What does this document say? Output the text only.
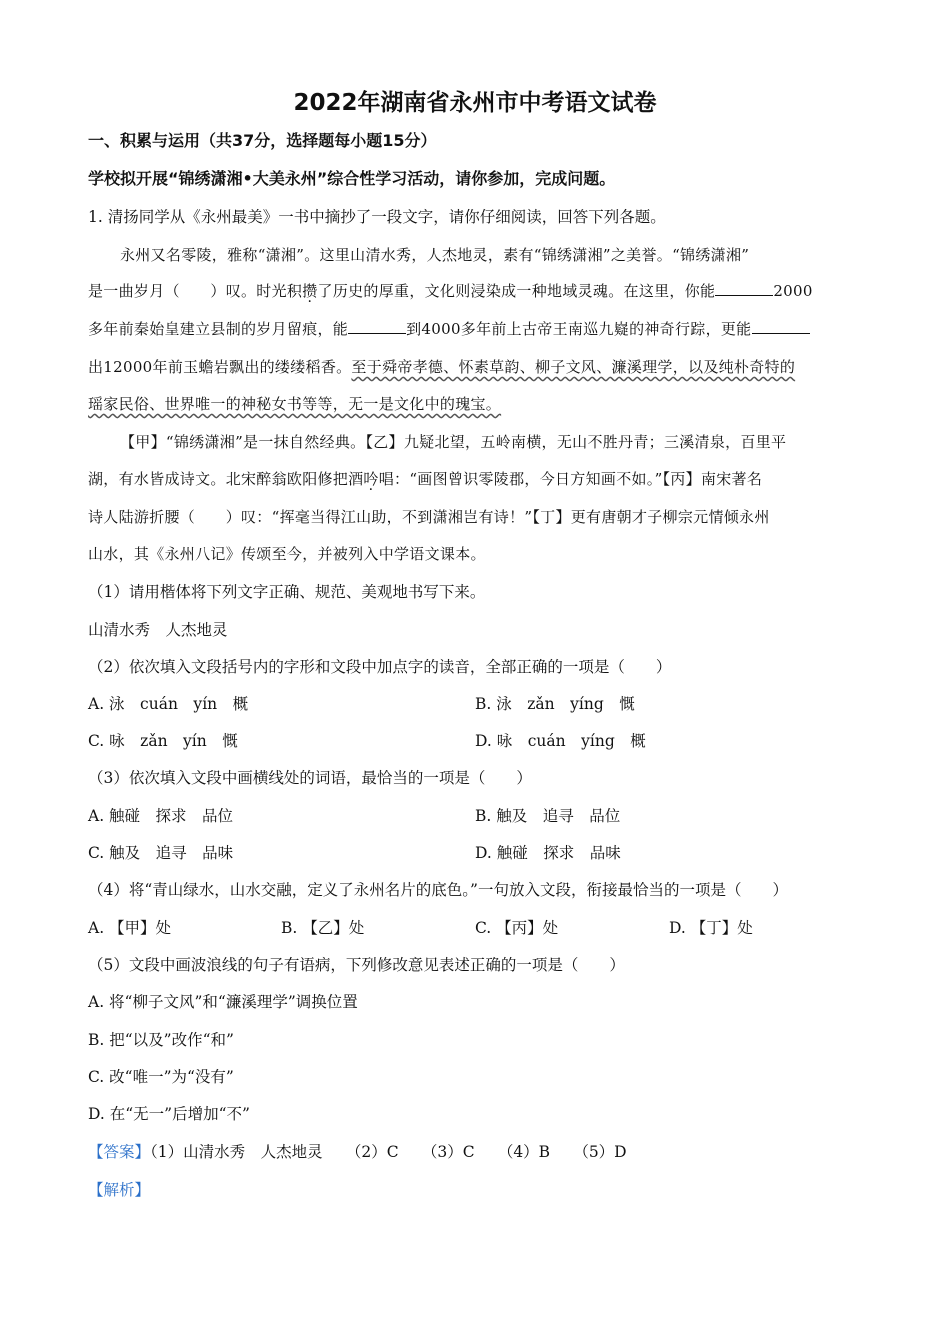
2022年湖南省永州市中考语文试卷
一、积累与运用（共37分，选择题每小题15分）
学校拟开展“锦绣潇湘•大美永州”综合性学习活动，请你参加，完成问题。
1. 清扬同学从《永州最美》一书中摘抄了一段文字，请你仔细阅读，回答下列各题。
永州又名零陵，雅称“潇湘”。这里山清水秀，人杰地灵，素有“锦绣潇湘”之美誉。“锦绣潇湘”
是一曲岁月（　　）叹。时光积攒了历史的厚重，文化则浸染成一种地域灵魂。在这里，你能	2000
多年前秦始皇建立县制的岁月留痕，能	到4000多年前上古帝王南巡九嶷的神奇行踪，更能
出12000年前玉蟾岩飘出的缕缕稻香。至于舜帝孝德、怀素草韵、柳子文风、濂溪理学，以及纯朴奇特的
瑶家民俗、世界唯一的神秘女书等等，无一是文化中的瑰宝。
【甲】“锦绣潇湘”是一抹自然经典。【乙】九疑北望，五岭南横，无山不胜丹青；三溪清泉，百里平
湖，有水皆成诗文。北宋醉翁欧阳修把酒吟唱：“画图曾识零陵郡，今日方知画不如。”【丙】南宋著名
诗人陆游折腰（　　）叹：“挥毫当得江山助，不到潇湘岂有诗！”【丁】更有唐朝才子柳宗元情倾永州
山水，其《永州八记》传颂至今，并被列入中学语文课本。
（1）请用楷体将下列文字正确、规范、美观地书写下来。
山清水秀　人杰地灵
（2）依次填入文段括号内的字形和文段中加点字的读音，全部正确的一项是（　　）
A. 泳　cuán　yín　概	B. 泳　zǎn　yíng　慨
C. 咏　zǎn　yín　慨	D. 咏　cuán　yíng　概
（3）依次填入文段中画横线处的词语，最恰当的一项是（　　）
A. 触碰　探求　品位	B. 触及　追寻　品位
C. 触及　追寻　品味	D. 触碰　探求　品味
（4）将“青山绿水，山水交融，定义了永州名片的底色。”一句放入文段，衔接最恰当的一项是（　　）
A. 【甲】处	B. 【乙】处	C. 【丙】处	D. 【丁】处
（5）文段中画波浪线的句子有语病，下列修改意见表述正确的一项是（　　）
A. 将“柳子文风”和“濂溪理学”调换位置
B. 把“以及”改作“和”
C. 改“唯一”为“没有”
D. 在“无一”后增加“不”
【答案】（1）山清水秀　人杰地灵　　（2）C　　（3）C　　（4）B　　（5）D
【解析】
